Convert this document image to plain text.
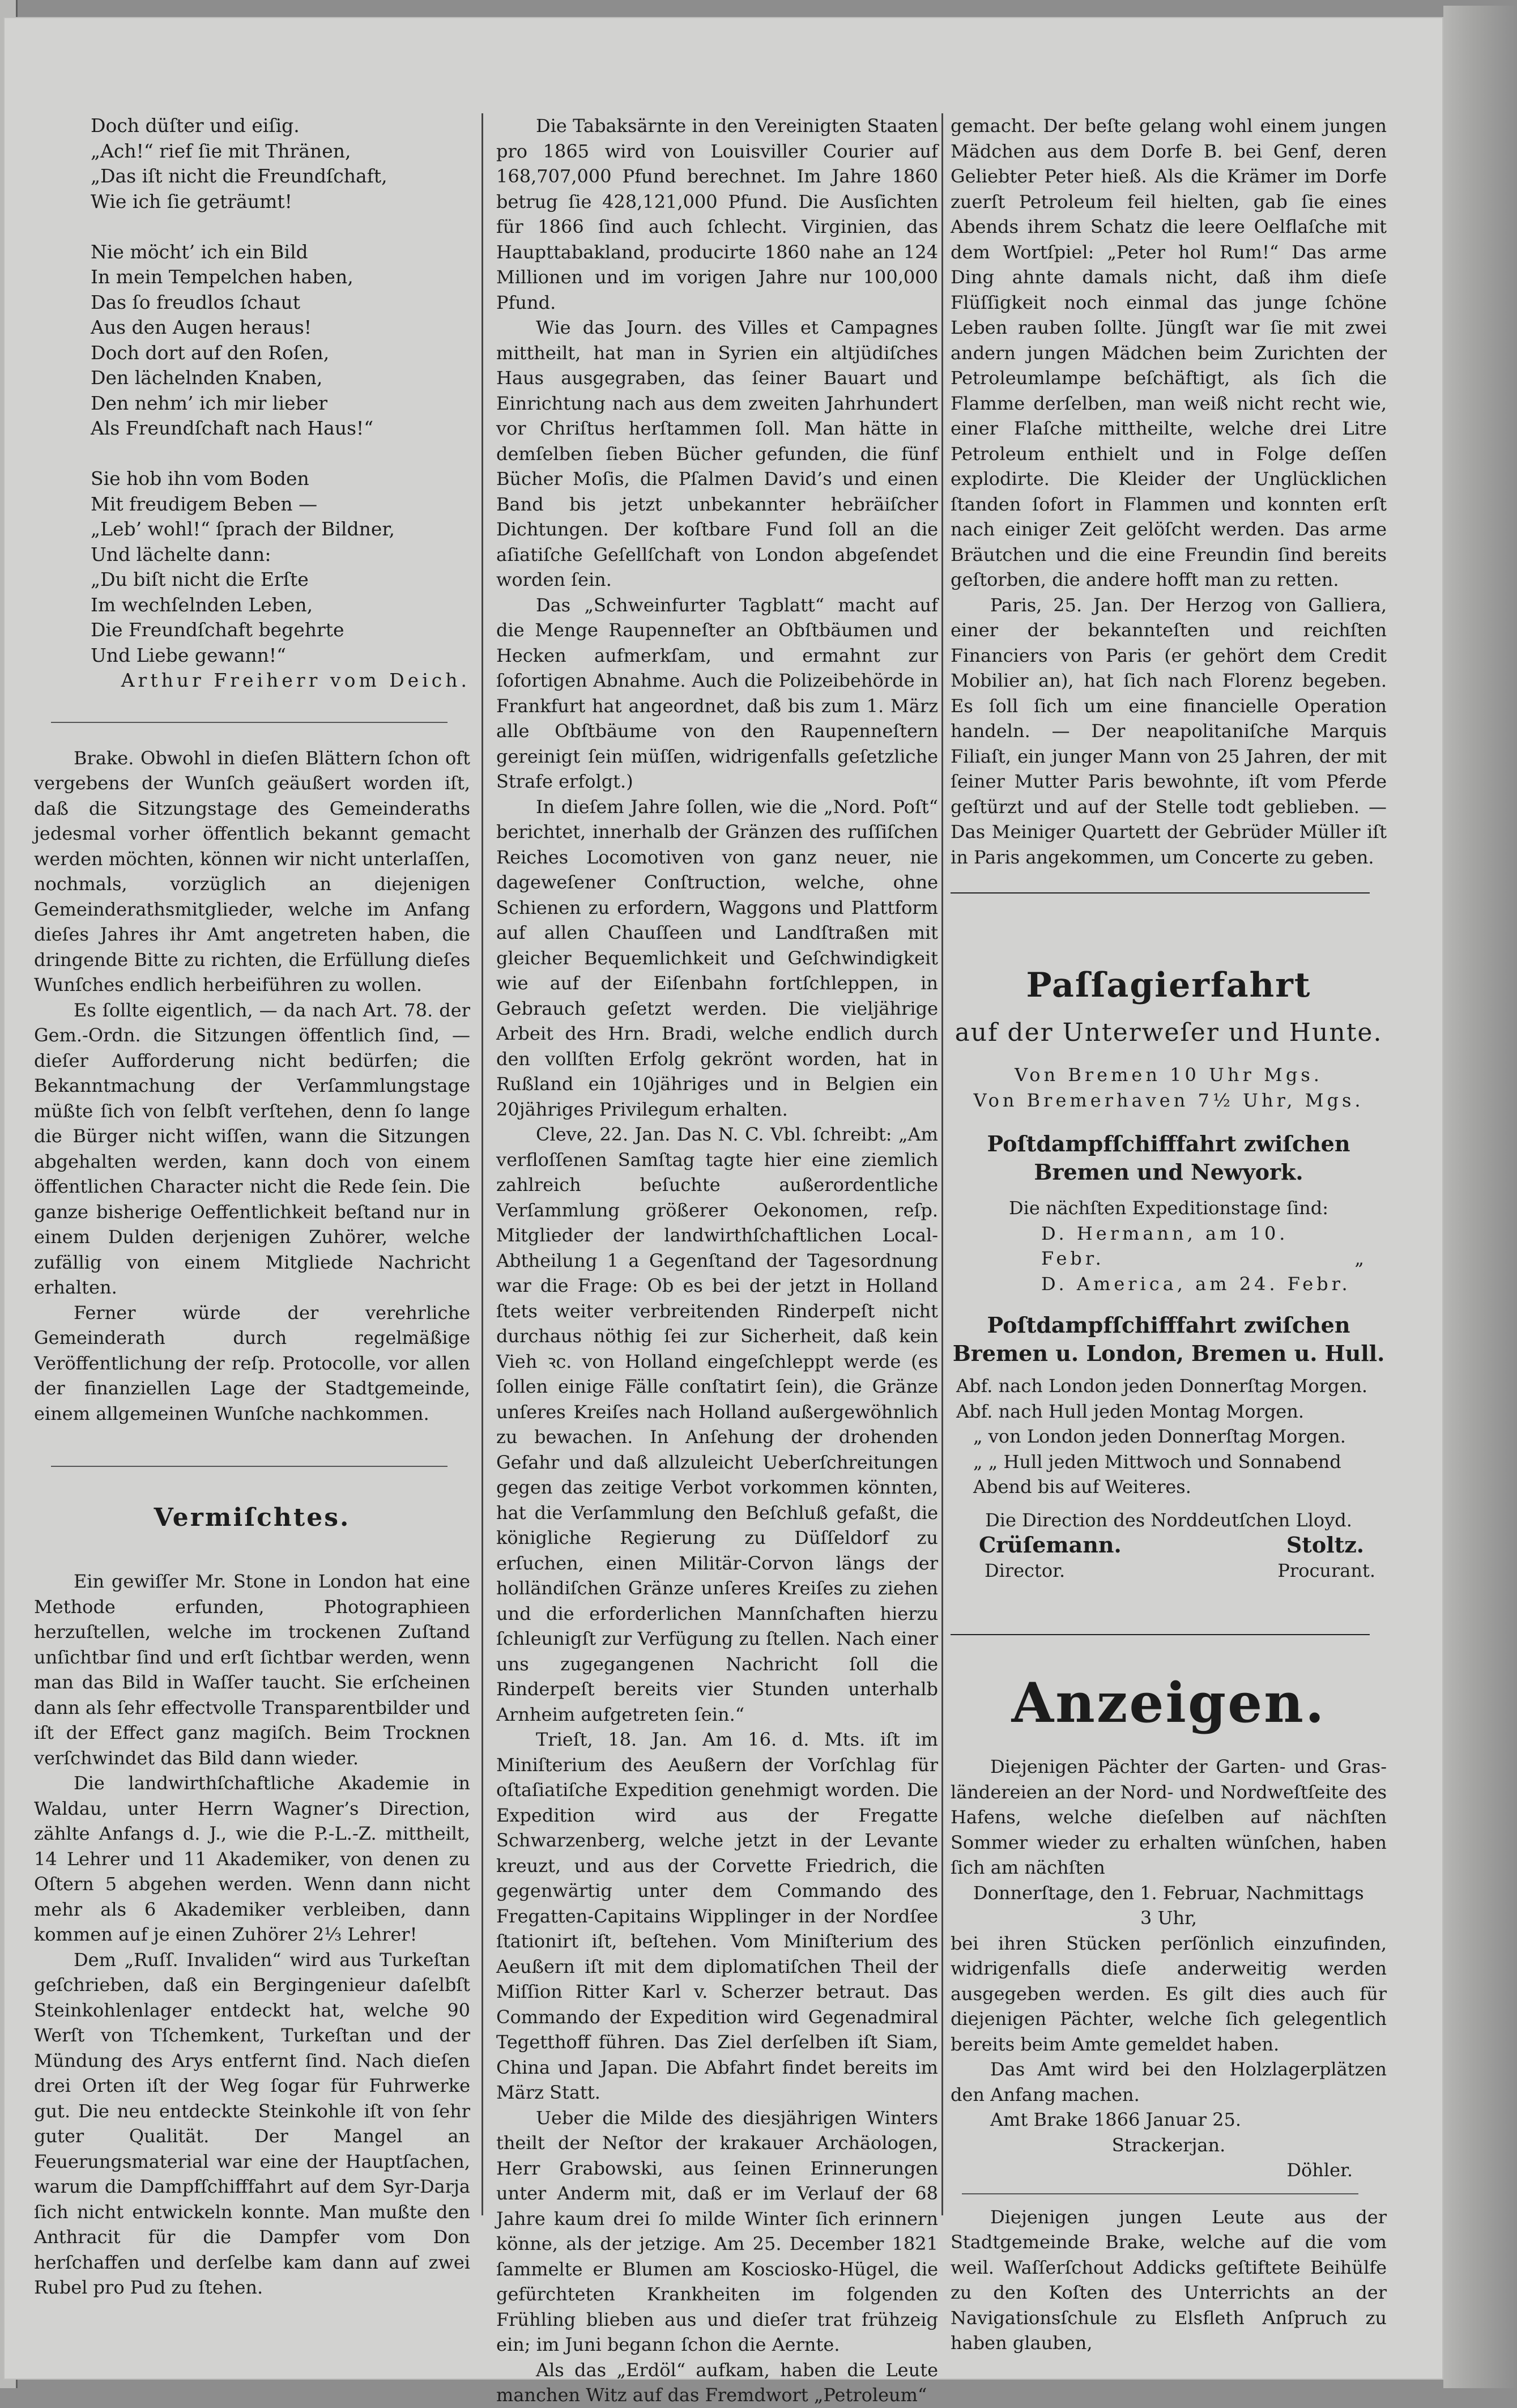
Doch düſter und eiſig.
„Ach!“ rief ſie mit Thränen,
„Das iſt nicht die Freundſchaft,
Wie ich ſie geträumt!
Nie möcht’ ich ein Bild
In mein Tempelchen haben,
Das ſo freudlos ſchaut
Aus den Augen heraus!
Doch dort auf den Roſen,
Den lächelnden Knaben,
Den nehm’ ich mir lieber
Als Freundſchaft nach Haus!“
Sie hob ihn vom Boden
Mit freudigem Beben —
„Leb’ wohl!“ ſprach der Bildner,
Und lächelte dann:
„Du biſt nicht die Erſte
Im wechſelnden Leben,
Die Freundſchaft begehrte
Und Liebe gewann!“

Arthur Freiherr vom Deich.

Brake. Obwohl in dieſen Blättern ſchon oft vergebens der Wunſch geäußert worden iſt, daß die Sitzungstage des Gemeinderaths jedesmal vorher öffentlich bekannt gemacht werden möchten, können wir nicht unterlaſſen, nochmals, vorzüglich an diejenigen Gemeinderathsmitglieder, welche im Anfang dieſes Jahres ihr Amt angetreten haben, die dringende Bitte zu richten, die Erfüllung dieſes Wunſches endlich herbeiführen zu wollen.

Es ſollte eigentlich, — da nach Art. 78. der Gem.-Ordn. die Sitzungen öffentlich ſind, — dieſer Aufforderung nicht bedürfen; die Bekanntmachung der Verſammlungstage müßte ſich von ſelbſt verſtehen, denn ſo lange die Bürger nicht wiſſen, wann die Sitzungen abgehalten werden, kann doch von einem öffentlichen Character nicht die Rede ſein. Die ganze bisherige Oeffentlichkeit beſtand nur in einem Dulden derjenigen Zuhörer, welche zufällig von einem Mitgliede Nachricht erhalten.

Ferner würde der verehrliche Gemeinderath durch regelmäßige Veröffentlichung der reſp. Protocolle, vor allen der finanziellen Lage der Stadtgemeinde, einem allgemeinen Wunſche nachkommen.

Vermiſchtes.

Ein gewiſſer Mr. Stone in London hat eine Methode erfunden, Photographieen herzuſtellen, welche im trockenen Zuſtand unſichtbar ſind und erſt ſichtbar werden, wenn man das Bild in Waſſer taucht. Sie erſcheinen dann als ſehr effectvolle Transparentbilder und iſt der Effect ganz magiſch. Beim Trocknen verſchwindet das Bild dann wieder.

Die landwirthſchaftliche Akademie in Waldau, unter Herrn Wagner’s Direction, zählte Anfangs d. J., wie die P.-L.-Z. mittheilt, 14 Lehrer und 11 Akademiker, von denen zu Oſtern 5 abgehen werden. Wenn dann nicht mehr als 6 Akademiker verbleiben, dann kommen auf je einen Zuhörer 2⅓ Lehrer!

Dem „Ruſſ. Invaliden“ wird aus Turkeſtan geſchrieben, daß ein Bergingenieur daſelbſt Steinkohlenlager entdeckt hat, welche 90 Werſt von Tſchemkent, Turkeſtan und der Mündung des Arys entfernt ſind. Nach dieſen drei Orten iſt der Weg ſogar für Fuhrwerke gut. Die neu entdeckte Steinkohle iſt von ſehr guter Qualität. Der Mangel an Feuerungsmaterial war eine der Hauptſachen, warum die Dampfſchifffahrt auf dem Syr-Darja ſich nicht entwickeln konnte. Man mußte den Anthracit für die Dampfer vom Don herſchaffen und derſelbe kam dann auf zwei Rubel pro Pud zu ſtehen.

Die Tabaksärnte in den Vereinigten Staaten pro 1865 wird von Louisviller Courier auf 168,707,000 Pfund berechnet. Im Jahre 1860 betrug ſie 428,121,000 Pfund. Die Ausſichten für 1866 ſind auch ſchlecht. Virginien, das Haupttabakland, producirte 1860 nahe an 124 Millionen und im vorigen Jahre nur 100,000 Pfund.

Wie das Journ. des Villes et Campagnes mittheilt, hat man in Syrien ein altjüdiſches Haus ausgegraben, das ſeiner Bauart und Einrichtung nach aus dem zweiten Jahrhundert vor Chriſtus herſtammen ſoll. Man hätte in demſelben ſieben Bücher gefunden, die fünf Bücher Moſis, die Pſalmen David’s und einen Band bis jetzt unbekannter hebräiſcher Dichtungen. Der koſtbare Fund ſoll an die aſiatiſche Geſellſchaft von London abgeſendet worden ſein.

Das „Schweinfurter Tagblatt“ macht auf die Menge Raupenneſter an Obſtbäumen und Hecken aufmerkſam, und ermahnt zur ſofortigen Abnahme. Auch die Polizeibehörde in Frankfurt hat angeordnet, daß bis zum 1. März alle Obſtbäume von den Raupenneſtern gereinigt ſein müſſen, widrigenfalls geſetzliche Strafe erfolgt.)

In dieſem Jahre ſollen, wie die „Nord. Poſt“ berichtet, innerhalb der Gränzen des ruſſiſchen Reiches Locomotiven von ganz neuer, nie dageweſener Conſtruction, welche, ohne Schienen zu erfordern, Waggons und Plattform auf allen Chauſſeen und Landſtraßen mit gleicher Bequemlichkeit und Geſchwindigkeit wie auf der Eiſenbahn fortſchleppen, in Gebrauch geſetzt werden. Die vieljährige Arbeit des Hrn. Bradi, welche endlich durch den vollſten Erfolg gekrönt worden, hat in Rußland ein 10jähriges und in Belgien ein 20jähriges Privilegum erhalten.

Cleve, 22. Jan. Das N. C. Vbl. ſchreibt: „Am verfloſſenen Samſtag tagte hier eine ziemlich zahlreich beſuchte außerordentliche Verſammlung größerer Oekonomen, reſp. Mitglieder der landwirthſchaftlichen Local-Abtheilung 1 a Gegenſtand der Tagesordnung war die Frage: Ob es bei der jetzt in Holland ſtets weiter verbreitenden Rinderpeſt nicht durchaus nöthig ſei zur Sicherheit, daß kein Vieh ꝛc. von Holland eingeſchleppt werde (es ſollen einige Fälle conſtatirt ſein), die Gränze unſeres Kreiſes nach Holland außergewöhnlich zu bewachen. In Anſehung der drohenden Gefahr und daß allzuleicht Ueberſchreitungen gegen das zeitige Verbot vorkommen könnten, hat die Verſammlung den Beſchluß gefaßt, die königliche Regierung zu Düſſeldorf zu erſuchen, einen Militär-Corvon längs der holländiſchen Gränze unſeres Kreiſes zu ziehen und die erforderlichen Mannſchaften hierzu ſchleunigſt zur Verfügung zu ſtellen. Nach einer uns zugegangenen Nachricht ſoll die Rinderpeſt bereits vier Stunden unterhalb Arnheim aufgetreten ſein.“

Trieſt, 18. Jan. Am 16. d. Mts. iſt im Miniſterium des Aeußern der Vorſchlag für oſtaſiatiſche Expedition genehmigt worden. Die Expedition wird aus der Fregatte Schwarzenberg, welche jetzt in der Levante kreuzt, und aus der Corvette Friedrich, die gegenwärtig unter dem Commando des Fregatten-Capitains Wipplinger in der Nordſee ſtationirt iſt, beſtehen. Vom Miniſterium des Aeußern iſt mit dem diplomatiſchen Theil der Miſſion Ritter Karl v. Scherzer betraut. Das Commando der Expedition wird Gegenadmiral Tegetthoff führen. Das Ziel derſelben iſt Siam, China und Japan. Die Abfahrt findet bereits im März Statt.

Ueber die Milde des diesjährigen Winters theilt der Neſtor der krakauer Archäologen, Herr Grabowski, aus ſeinen Erinnerungen unter Anderm mit, daß er im Verlauf der 68 Jahre kaum drei ſo milde Winter ſich erinnern könne, als der jetzige. Am 25. December 1821 ſammelte er Blumen am Kosciosko-Hügel, die gefürchteten Krankheiten im folgenden Frühling blieben aus und dieſer trat frühzeig ein; im Juni begann ſchon die Aernte.

Als das „Erdöl“ aufkam, haben die Leute manchen Witz auf das Fremdwort „Petroleum“

gemacht. Der beſte gelang wohl einem jungen Mädchen aus dem Dorfe B. bei Genf, deren Geliebter Peter hieß. Als die Krämer im Dorfe zuerſt Petroleum feil hielten, gab ſie eines Abends ihrem Schatz die leere Oelflaſche mit dem Wortſpiel: „Peter hol Rum!“ Das arme Ding ahnte damals nicht, daß ihm dieſe Flüſſigkeit noch einmal das junge ſchöne Leben rauben ſollte. Jüngſt war ſie mit zwei andern jungen Mädchen beim Zurichten der Petroleumlampe beſchäftigt, als ſich die Flamme derſelben, man weiß nicht recht wie, einer Flaſche mittheilte, welche drei Litre Petroleum enthielt und in Folge deſſen explodirte. Die Kleider der Unglücklichen ſtanden ſofort in Flammen und konnten erſt nach einiger Zeit gelöſcht werden. Das arme Bräutchen und die eine Freundin ſind bereits geſtorben, die andere hofft man zu retten.

Paris, 25. Jan. Der Herzog von Galliera, einer der bekannteſten und reichſten Financiers von Paris (er gehört dem Credit Mobilier an), hat ſich nach Florenz begeben. Es ſoll ſich um eine financielle Operation handeln. — Der neapolitaniſche Marquis Filiaſt, ein junger Mann von 25 Jahren, der mit ſeiner Mutter Paris bewohnte, iſt vom Pferde geſtürzt und auf der Stelle todt geblieben. — Das Meiniger Quartett der Gebrüder Müller iſt in Paris angekommen, um Concerte zu geben.

Paſſagierfahrt
auf der Unterweſer und Hunte.

Von Bremen 10 Uhr Mgs.

Von Bremerhaven 7½ Uhr, Mgs.

Poſtdampfſchifffahrt zwiſchen Bremen und Newyork.

Die nächſten Expeditionstage ſind:

D. Hermann, am 10. Febr.

D. America, am 24. Febr.

„

Poſtdampfſchifffahrt zwiſchen Bremen u. London, Bremen u. Hull.

Abf. nach London jeden Donnerſtag Morgen.

Abf. nach Hull jeden Montag Morgen.

„ von London jeden Donnerſtag Morgen.

„ „ Hull jeden Mittwoch und Sonnabend Abend bis auf Weiteres.

Die Direction des Norddeutſchen Lloyd.

Crüſemann.	Stoltz.
Director.	Procurant.
Anzeigen.

Diejenigen Pächter der Garten- und Gras- ländereien an der Nord- und Nordweſtſeite des Hafens, welche dieſelben auf nächſten Sommer wieder zu erhalten wünſchen, haben ſich am nächſten

Donnerſtage, den 1. Februar, Nachmittags

3 Uhr,

bei ihren Stücken perſönlich einzufinden, widrigenfalls dieſe anderweitig werden ausgegeben werden. Es gilt dies auch für diejenigen Pächter, welche ſich gelegentlich bereits beim Amte gemeldet haben.

Das Amt wird bei den Holzlagerplätzen den Anfang machen.

Amt Brake 1866 Januar 25.

Strackerjan.

Döhler.

Diejenigen jungen Leute aus der Stadtgemeinde Brake, welche auf die vom weil. Waſſerſchout Addicks geſtiftete Beihülfe zu den Koſten des Unterrichts an der Navigationsſchule zu Elsfleth Anſpruch zu haben glauben,
